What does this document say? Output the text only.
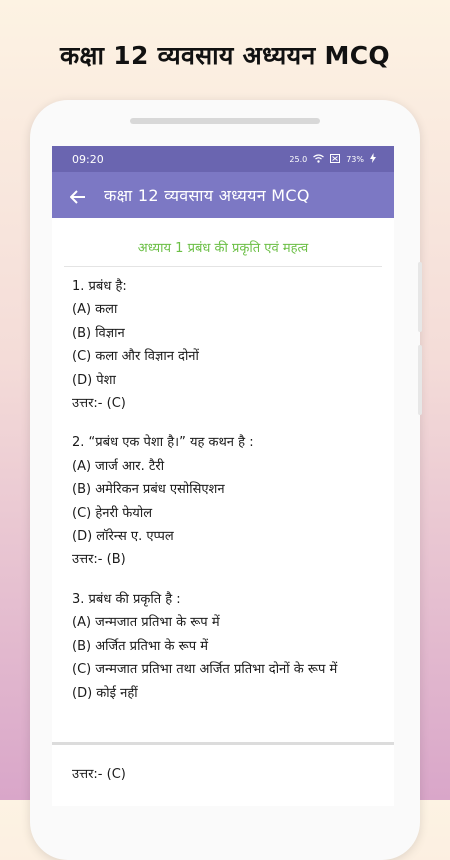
कक्षा 12 व्यवसाय अध्ययन MCQ
09:20	25.0	73%
कक्षा 12 व्यवसाय अध्ययन MCQ
अध्याय 1 प्रबंध की प्रकृति एवं महत्व
1. प्रबंध है:
(A) कला
(B) विज्ञान
(C) कला और विज्ञान दोनों
(D) पेशा
उत्तर:- (C)
2. “प्रबंध एक पेशा है।” यह कथन है :
(A) जार्ज आर. टैरी
(B) अमेरिकन प्रबंध एसोसिएशन
(C) हेनरी फेयोल
(D) लॉरेन्स ए. एप्पल
उत्तर:- (B)
3. प्रबंध की प्रकृति है :
(A) जन्मजात प्रतिभा के रूप में
(B) अर्जित प्रतिभा के रूप में
(C) जन्मजात प्रतिभा तथा अर्जित प्रतिभा दोनों के रूप में
(D) कोई नहीं
उत्तर:- (C)
